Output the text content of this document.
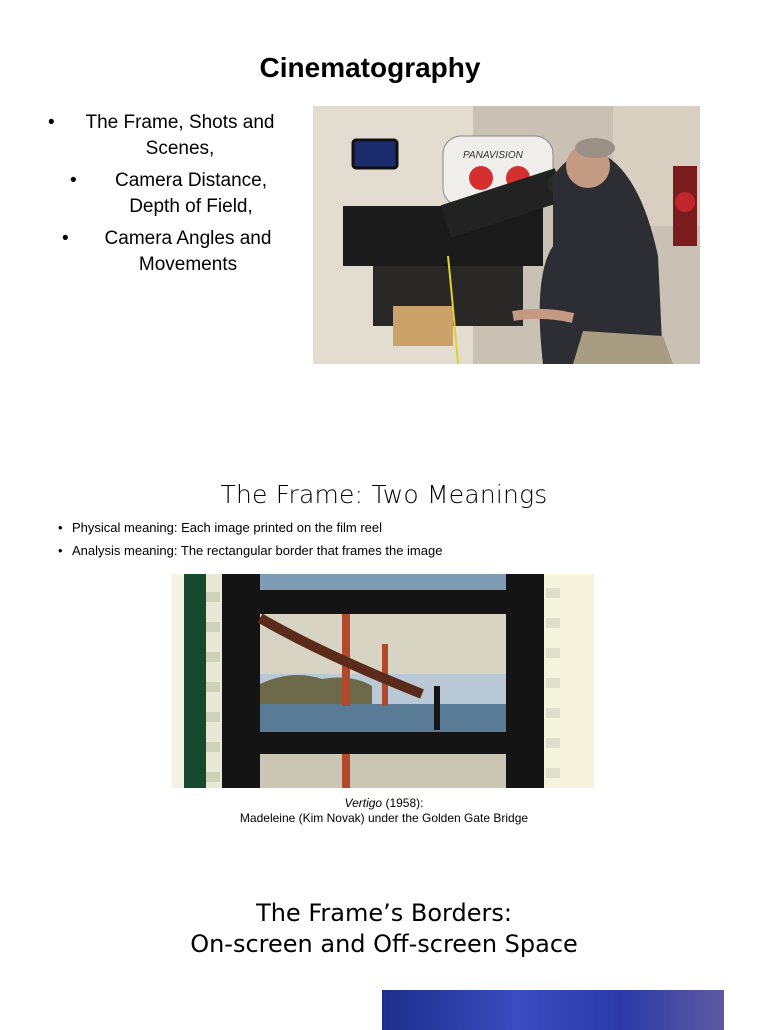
Cinematography
•	The Frame, Shots and
Scenes,
•	Camera Distance,
Depth of Field,
•	Camera Angles and
Movements
PANAVISION
The Frame: Two Meanings
• Physical meaning: Each image printed on the film reel
• Analysis meaning: The rectangular border that frames the image
Vertigo (1958):
Madeleine (Kim Novak) under the Golden Gate Bridge
The Frame’s Borders:
On-screen and Off-screen Space
